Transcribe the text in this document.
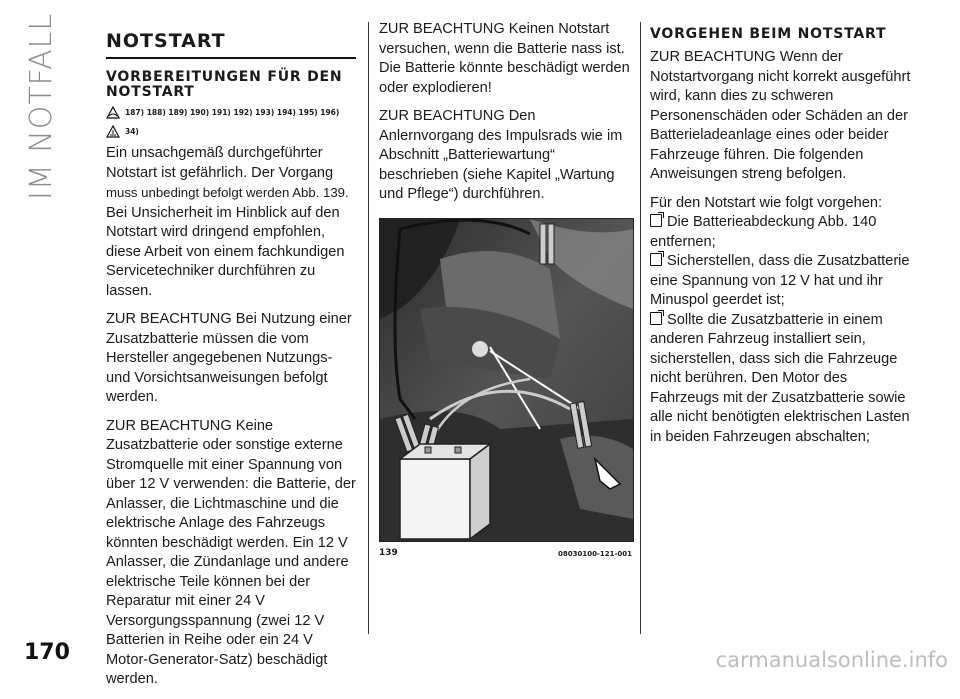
IM NOTFALL
170
NOTSTART
VORBEREITUNGEN FÜR DEN NOTSTART
187) 188) 189) 190) 191) 192) 193) 194) 195) 196)
34)

Ein unsachgemäß durchgeführter Notstart ist gefährlich. Der Vorgang muss unbedingt befolgt werden Abb. 139.
Bei Unsicherheit im Hinblick auf den Notstart wird dringend empfohlen, diese Arbeit von einem fachkundigen Servicetechniker durchführen zu lassen.

ZUR BEACHTUNG Bei Nutzung einer Zusatzbatterie müssen die vom Hersteller angegebenen Nutzungs- und Vorsichtsanweisungen befolgt werden.

ZUR BEACHTUNG Keine Zusatzbatterie oder sonstige externe Stromquelle mit einer Spannung von über 12 V verwenden: die Batterie, der Anlasser, die Lichtmaschine und die elektrische Anlage des Fahrzeugs könnten beschädigt werden. Ein 12 V Anlasser, die Zündanlage und andere elektrische Teile können bei der Reparatur mit einer 24 V Versorgungsspannung (zwei 12 V Batterien in Reihe oder ein 24 V Motor-Generator-Satz) beschädigt werden.

ZUR BEACHTUNG Keinen Notstart versuchen, wenn die Batterie nass ist. Die Batterie könnte beschädigt werden oder explodieren!

ZUR BEACHTUNG Den Anlernvorgang des Impulsrads wie im Abschnitt „Batteriewartung“ beschrieben (siehe Kapitel „Wartung und Pflege“) durchführen.

139	08030100-121-001
VORGEHEN BEIM NOTSTART

ZUR BEACHTUNG Wenn der Notstartvorgang nicht korrekt ausgeführt wird, kann dies zu schweren Personenschäden oder Schäden an der Batterieladeanlage eines oder beider Fahrzeuge führen. Die folgenden Anweisungen streng befolgen.

Für den Notstart wie folgt vorgehen:

Die Batterieabdeckung Abb. 140 entfernen;
Sicherstellen, dass die Zusatzbatterie eine Spannung von 12 V hat und ihr Minuspol geerdet ist;
Sollte die Zusatzbatterie in einem anderen Fahrzeug installiert sein, sicherstellen, dass sich die Fahrzeuge nicht berühren. Den Motor des Fahrzeugs mit der Zusatzbatterie sowie alle nicht benötigten elektrischen Lasten in beiden Fahrzeugen abschalten;

carmanualsonline.info
